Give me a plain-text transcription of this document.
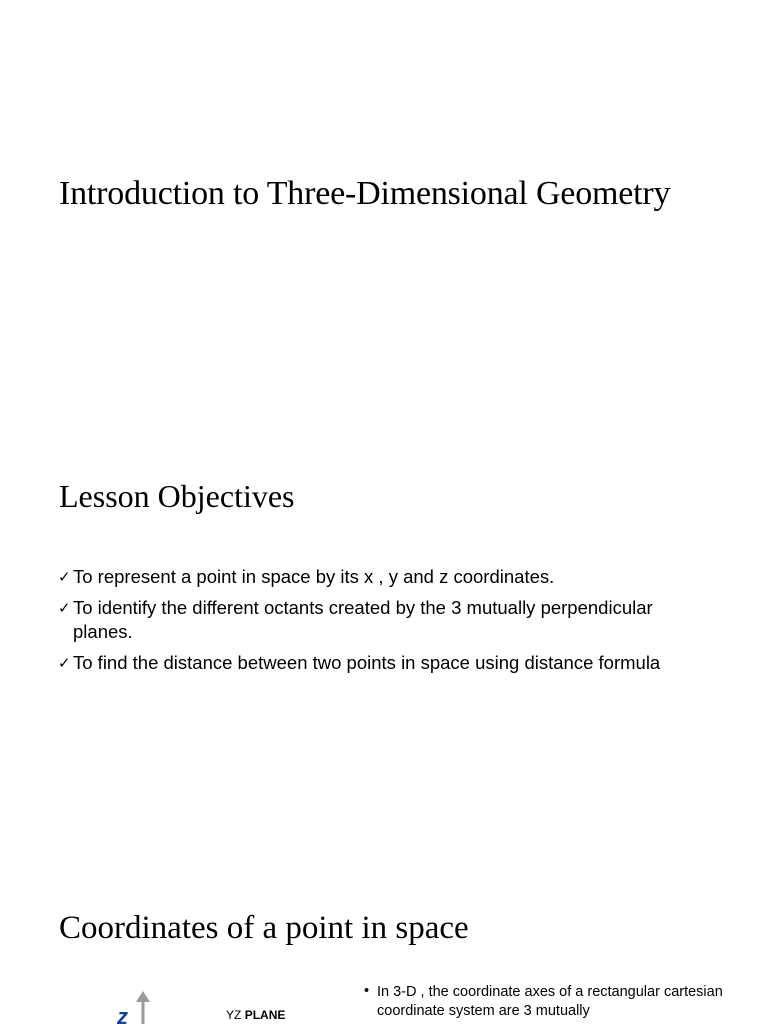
Introduction to Three-Dimensional Geometry
Lesson Objectives
✓ To represent a point in space by its x , y and z coordinates.
✓ To identify the different octants created by the 3 mutually perpendicular planes.
✓ To find the distance between two points in space using distance formula
Coordinates of a point in space
z	YZ PLANE
• In 3-D , the coordinate axes of a rectangular cartesian coordinate system are 3 mutually
